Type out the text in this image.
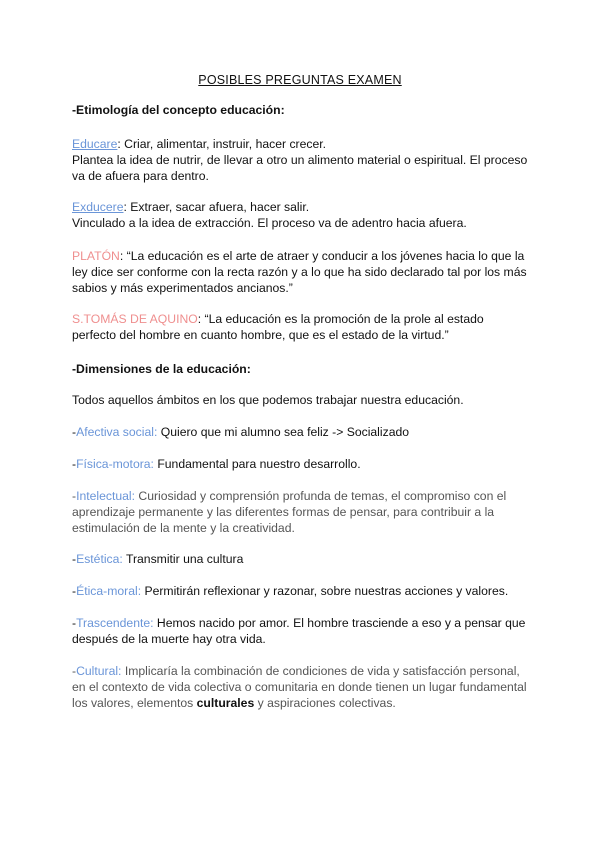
POSIBLES PREGUNTAS EXAMEN
-Etimología del concepto educación:
Educare: Criar, alimentar, instruir, hacer crecer.
Plantea la idea de nutrir, de llevar a otro un alimento material o espiritual. El proceso
va de afuera para dentro.
Exducere: Extraer, sacar afuera, hacer salir.
Vinculado a la idea de extracción. El proceso va de adentro hacia afuera.
PLATÓN: “La educación es el arte de atraer y conducir a los jóvenes hacia lo que la
ley dice ser conforme con la recta razón y a lo que ha sido declarado tal por los más
sabios y más experimentados ancianos.”
S.TOMÁS DE AQUINO: “La educación es la promoción de la prole al estado
perfecto del hombre en cuanto hombre, que es el estado de la virtud.”
-Dimensiones de la educación:
Todos aquellos ámbitos en los que podemos trabajar nuestra educación.
-Afectiva social: Quiero que mi alumno sea feliz -> Socializado
-Física-motora: Fundamental para nuestro desarrollo.
-Intelectual: Curiosidad y comprensión profunda de temas, el compromiso con el
aprendizaje permanente y las diferentes formas de pensar, para contribuir a la
estimulación de la mente y la creatividad.
-Estética: Transmitir una cultura
-Ética-moral: Permitirán reflexionar y razonar, sobre nuestras acciones y valores.
-Trascendente: Hemos nacido por amor. El hombre trasciende a eso y a pensar que
después de la muerte hay otra vida.
-Cultural: Implicaría la combinación de condiciones de vida y satisfacción personal,
en el contexto de vida colectiva o comunitaria en donde tienen un lugar fundamental
los valores, elementos culturales y aspiraciones colectivas.
